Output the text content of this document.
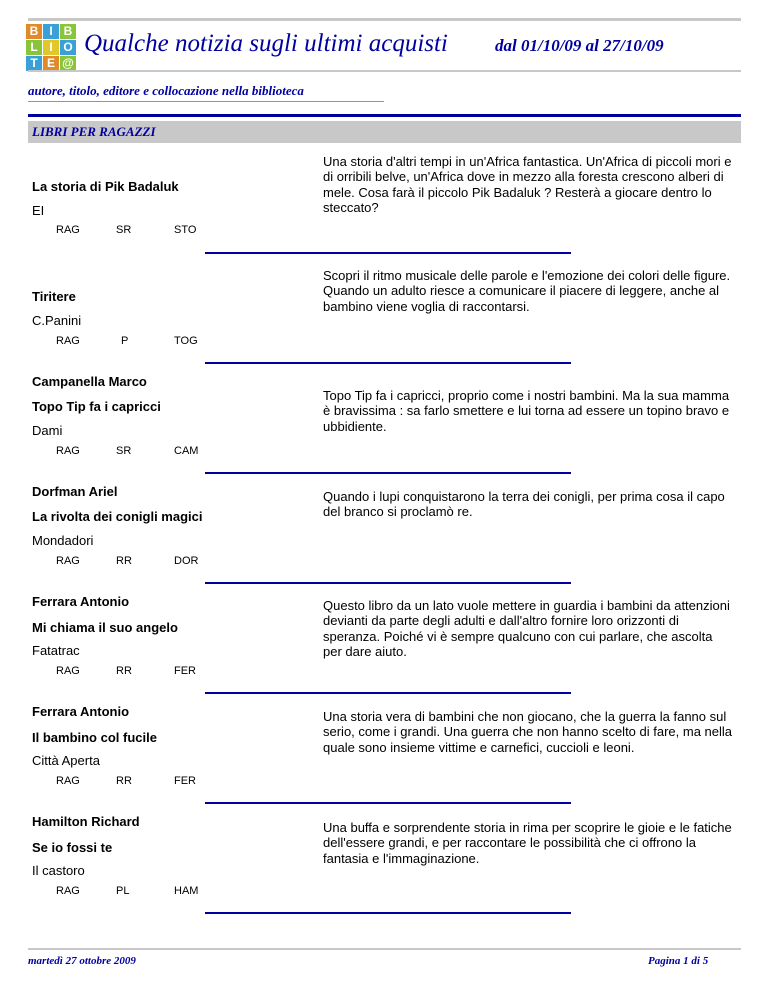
B I B
L I O
T E @
Qualche notizia sugli ultimi acquisti	dal 01/10/09 al 27/10/09
autore, titolo, editore e collocazione nella biblioteca
LIBRI PER RAGAZZI
La storia di Pik Badaluk
EI
RAG	SR	STO
Una storia d'altri tempi in un'Africa fantastica. Un'Africa di piccoli mori e di orribili belve, un'Africa dove in mezzo alla foresta crescono alberi di mele. Cosa farà il piccolo Pik Badaluk ? Resterà a giocare dentro lo steccato?
Tiritere
C.Panini
RAG	P	TOG
Scopri il ritmo musicale delle parole e l'emozione dei colori delle figure. Quando un adulto riesce a comunicare il piacere di leggere, anche al bambino viene voglia di raccontarsi.
Campanella Marco
Topo Tip fa i capricci
Dami
RAG	SR	CAM
Topo Tip fa i capricci, proprio come i nostri bambini. Ma la sua mamma è bravissima : sa farlo smettere e lui torna ad essere un topino bravo e ubbidiente.
Dorfman Ariel
La rivolta dei conigli magici
Mondadori
RAG	RR	DOR
Quando i lupi conquistarono la terra dei conigli, per prima cosa il capo del branco si proclamò re.
Ferrara Antonio
Mi chiama il suo angelo
Fatatrac
RAG	RR	FER
Questo libro da un lato vuole mettere in guardia i bambini da attenzioni devianti da parte degli adulti e dall'altro fornire loro orizzonti di speranza. Poiché vi è sempre qualcuno con cui parlare, che ascolta per dare aiuto.
Ferrara Antonio
Il bambino col fucile
Città Aperta
RAG	RR	FER
Una storia vera di bambini che non giocano, che la guerra la fanno sul serio, come i grandi. Una guerra che non hanno scelto di fare, ma nella quale sono insieme vittime e carnefici, cuccioli e leoni.
Hamilton Richard
Se io fossi te
Il castoro
RAG	PL	HAM
Una buffa e sorprendente storia in rima per scoprire le gioie e le fatiche dell'essere grandi, e per raccontare le possibilità che ci offrono la fantasia e l'immaginazione.
martedì 27 ottobre 2009	Pagina 1 di 5
